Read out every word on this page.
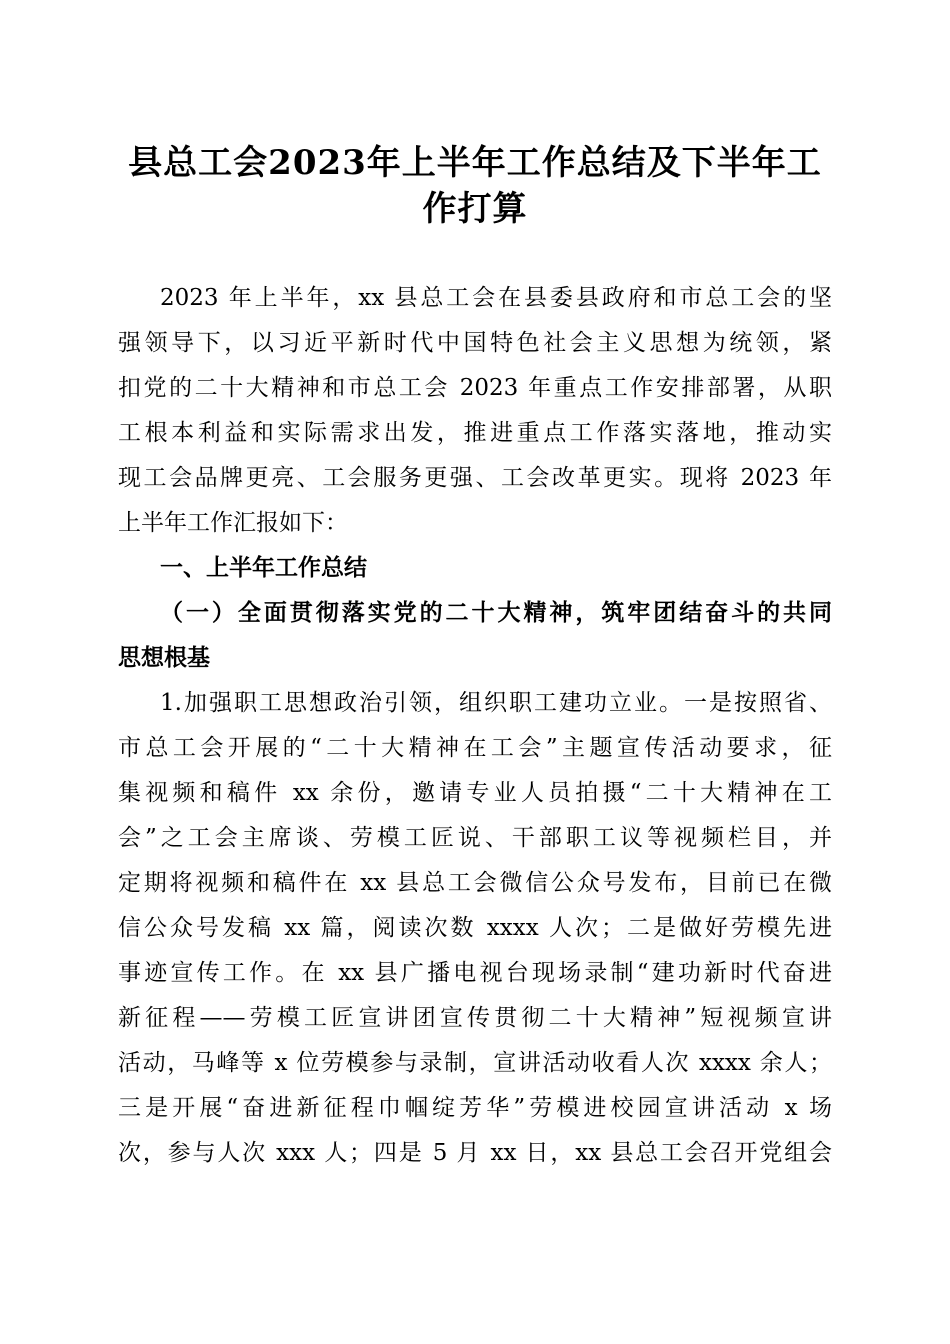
县总工会2023年上半年工作总结及下半年工
作打算
2023 年上半年，xx 县总工会在县委县政府和市总工会的坚
强领导下，以习近平新时代中国特色社会主义思想为统领，紧
扣党的二十大精神和市总工会 2023 年重点工作安排部署，从职
工根本利益和实际需求出发，推进重点工作落实落地，推动实
现工会品牌更亮、工会服务更强、工会改革更实。现将 2023 年
上半年工作汇报如下：
一、上半年工作总结
（一）全面贯彻落实党的二十大精神，筑牢团结奋斗的共同
思想根基
1.加强职工思想政治引领，组织职工建功立业。一是按照省、
市总工会开展的“二十大精神在工会”主题宣传活动要求，征
集视频和稿件 xx 余份，邀请专业人员拍摄“二十大精神在工
会”之工会主席谈、劳模工匠说、干部职工议等视频栏目，并
定期将视频和稿件在 xx 县总工会微信公众号发布，目前已在微
信公众号发稿 xx 篇，阅读次数 xxxx 人次；二是做好劳模先进
事迹宣传工作。在 xx 县广播电视台现场录制“建功新时代奋进
新征程——劳模工匠宣讲团宣传贯彻二十大精神”短视频宣讲
活动，马峰等 x 位劳模参与录制，宣讲活动收看人次 xxxx 余人；
三是开展“奋进新征程巾帼绽芳华”劳模进校园宣讲活动 x 场
次，参与人次 xxx 人；四是 5 月 xx 日，xx 县总工会召开党组会
